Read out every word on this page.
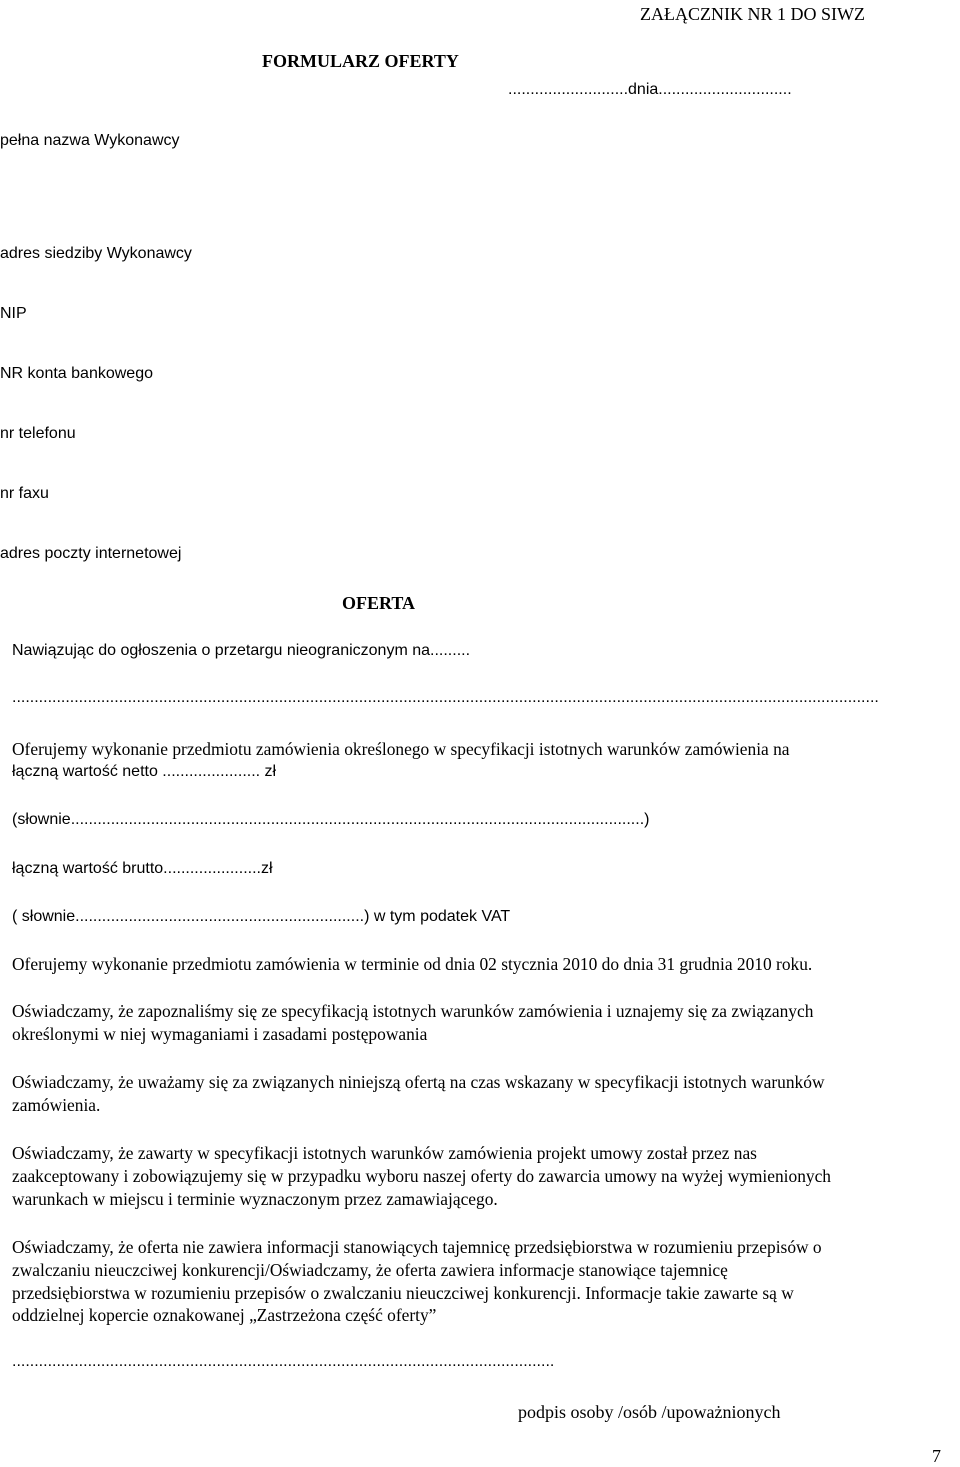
ZAŁĄCZNIK NR 1 DO SIWZ
FORMULARZ OFERTY
...........................dnia..............................
pełna nazwa Wykonawcy
adres siedziby Wykonawcy
NIP
NR konta bankowego
nr telefonu
nr faxu
adres poczty internetowej
OFERTA
Nawiązując do ogłoszenia o przetargu nieograniczonym na.........
...................................................................................................................................................................................................
Oferujemy wykonanie przedmiotu zamówienia określonego w specyfikacji istotnych warunków zamówienia na
łączną wartość netto ...................... zł
(słownie.................................................................................................................................)
łączną wartość brutto......................zł
( słownie.................................................................) w tym podatek VAT
Oferujemy wykonanie przedmiotu zamówienia w terminie od dnia 02 stycznia 2010 do dnia 31 grudnia 2010 roku.
Oświadczamy, że zapoznaliśmy się ze specyfikacją istotnych warunków zamówienia i uznajemy się za związanych
określonymi w niej wymaganiami i zasadami postępowania
Oświadczamy, że uważamy się za związanych niniejszą ofertą na czas wskazany w specyfikacji istotnych warunków
zamówienia.
Oświadczamy, że zawarty w specyfikacji istotnych warunków zamówienia projekt umowy został przez nas
zaakceptowany i zobowiązujemy się w przypadku wyboru naszej oferty do zawarcia umowy na wyżej wymienionych
warunkach w miejscu i terminie wyznaczonym przez zamawiającego.
Oświadczamy, że oferta nie zawiera informacji stanowiących tajemnicę przedsiębiorstwa w rozumieniu przepisów o
zwalczaniu nieuczciwej konkurencji/Oświadczamy, że oferta zawiera informacje stanowiące tajemnicę
przedsiębiorstwa w rozumieniu przepisów o zwalczaniu nieuczciwej konkurencji. Informacje takie zawarte są w
oddzielnej kopercie oznakowanej „Zastrzeżona część oferty”
..........................................................................................................................
podpis osoby /osób /upoważnionych
7
